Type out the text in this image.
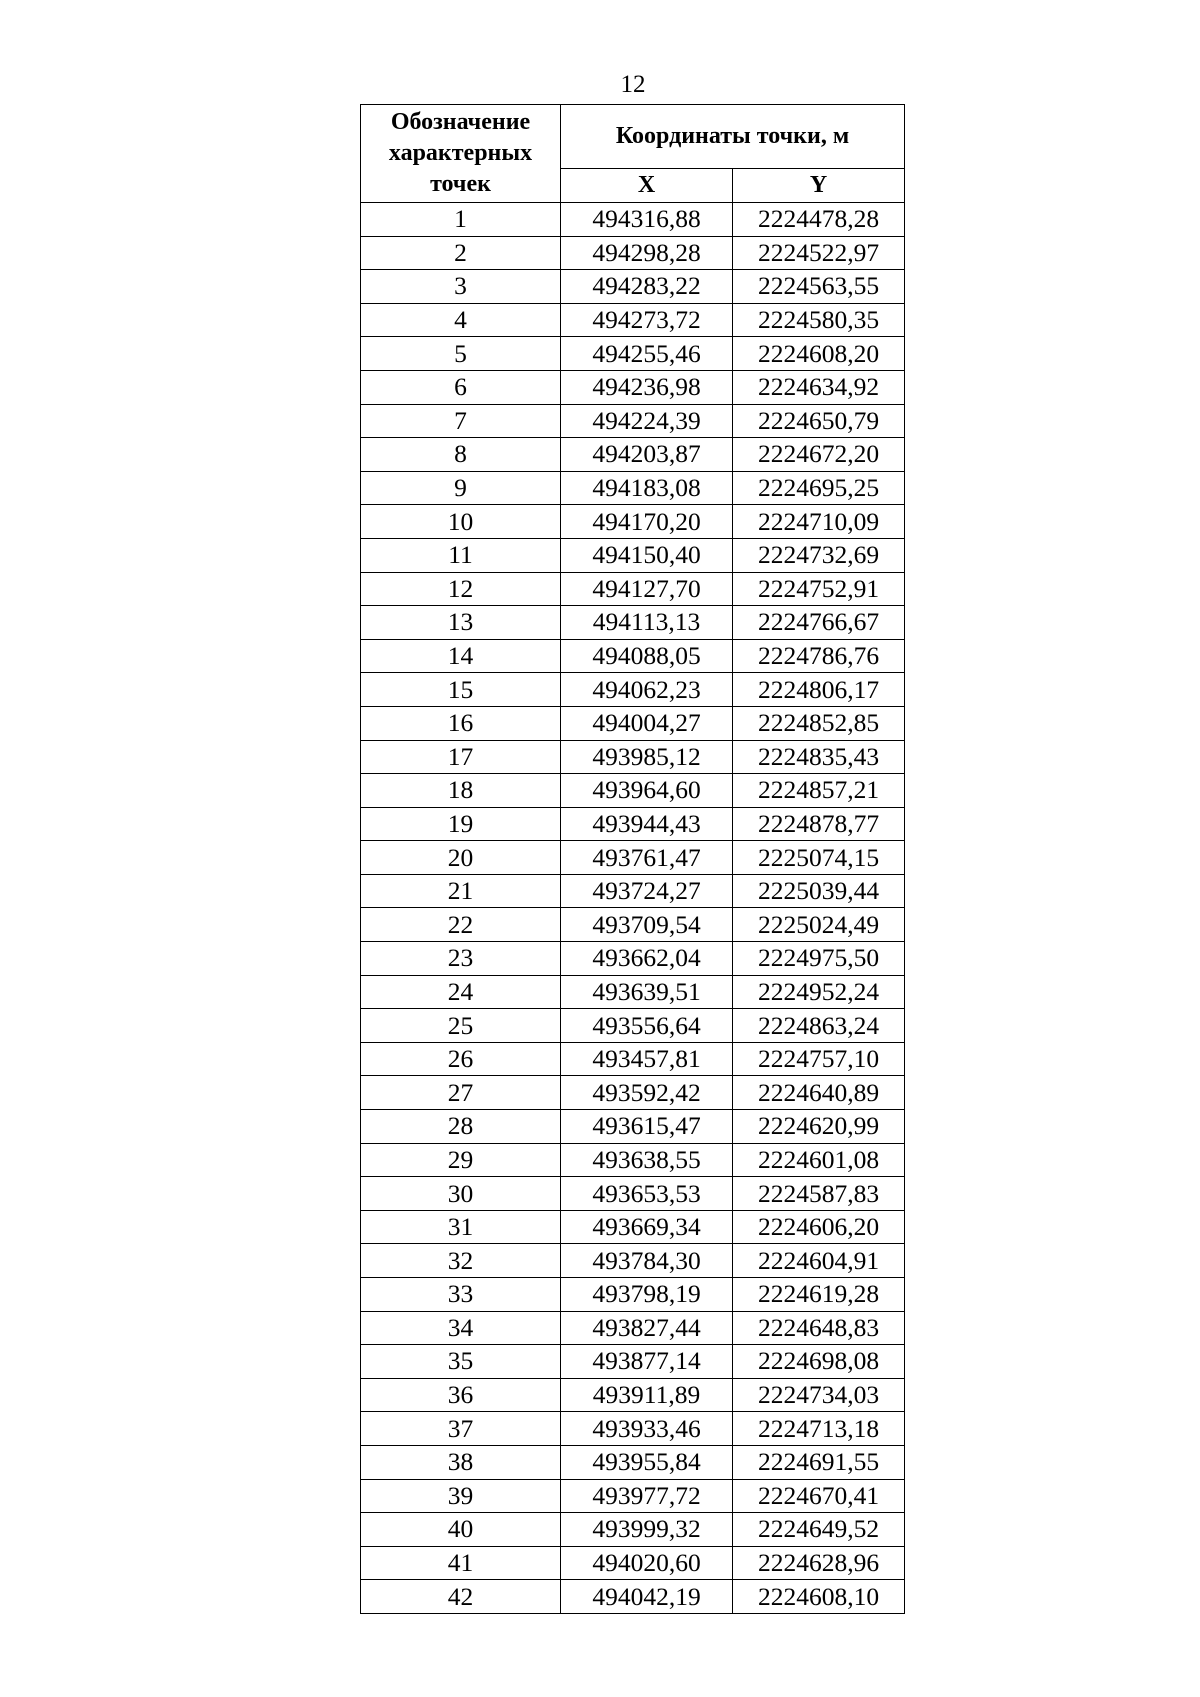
12
Обозначение характерных точек	Координаты точки, м	
	X	Y
1	494316,88	2224478,28
2	494298,28	2224522,97
3	494283,22	2224563,55
4	494273,72	2224580,35
5	494255,46	2224608,20
6	494236,98	2224634,92
7	494224,39	2224650,79
8	494203,87	2224672,20
9	494183,08	2224695,25
10	494170,20	2224710,09
11	494150,40	2224732,69
12	494127,70	2224752,91
13	494113,13	2224766,67
14	494088,05	2224786,76
15	494062,23	2224806,17
16	494004,27	2224852,85
17	493985,12	2224835,43
18	493964,60	2224857,21
19	493944,43	2224878,77
20	493761,47	2225074,15
21	493724,27	2225039,44
22	493709,54	2225024,49
23	493662,04	2224975,50
24	493639,51	2224952,24
25	493556,64	2224863,24
26	493457,81	2224757,10
27	493592,42	2224640,89
28	493615,47	2224620,99
29	493638,55	2224601,08
30	493653,53	2224587,83
31	493669,34	2224606,20
32	493784,30	2224604,91
33	493798,19	2224619,28
34	493827,44	2224648,83
35	493877,14	2224698,08
36	493911,89	2224734,03
37	493933,46	2224713,18
38	493955,84	2224691,55
39	493977,72	2224670,41
40	493999,32	2224649,52
41	494020,60	2224628,96
42	494042,19	2224608,10
